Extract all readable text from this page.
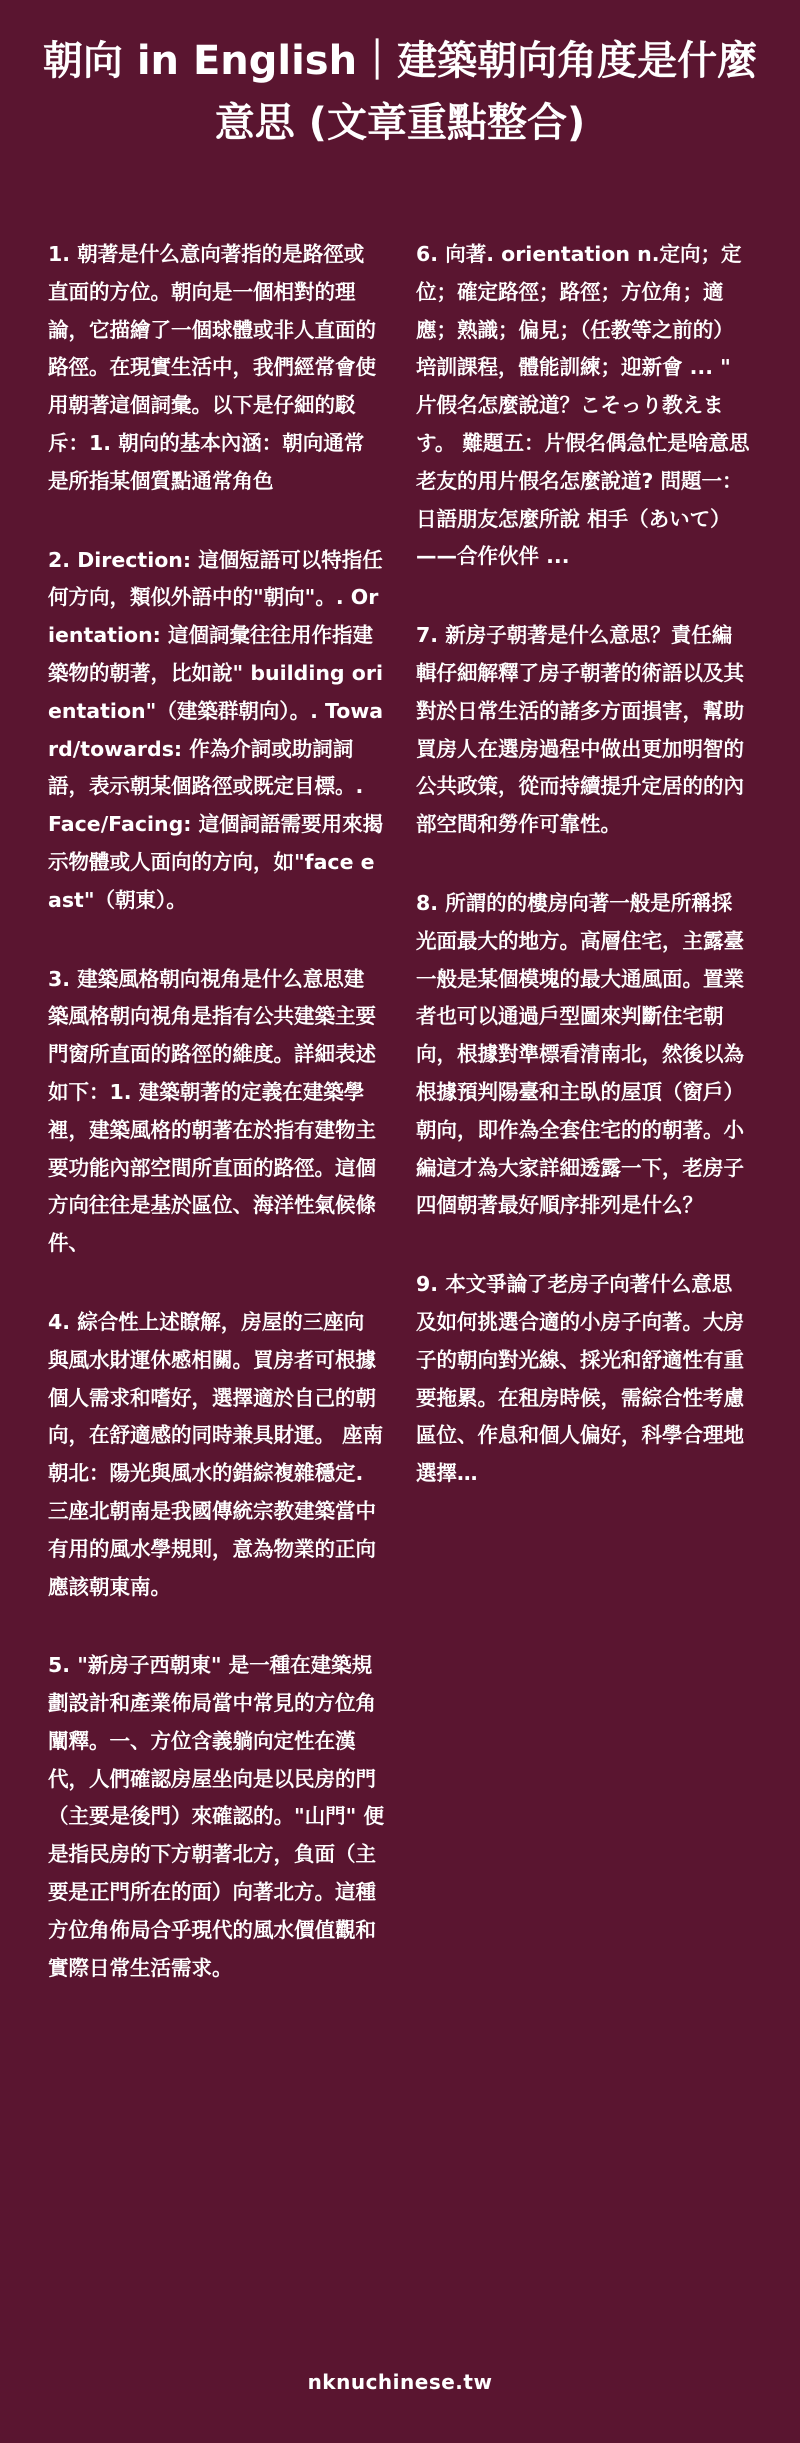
朝向 in English｜建築朝向角度是什麼意思 (文章重點整合)

1. 朝著是什么意向著指的是路徑或直面的方位。朝向是一個相對的理論，它描繪了一個球體或非人直面的路徑。在現實生活中，我們經常會使用朝著這個詞彙。以下是仔細的駁斥：1. 朝向的基本內涵：朝向通常是所指某個質點通常角色

2. Direction: 這個短語可以特指任何方向，類似外語中的"朝向"。. Orientation: 這個詞彙往往用作指建築物的朝著，比如說" building orientation"（建築群朝向）。. Toward/towards: 作為介詞或助詞詞語，表示朝某個路徑或既定目標。. Face/Facing: 這個詞語需要用來揭示物體或人面向的方向，如"face east"（朝東）。

3. 建築風格朝向視角是什么意思建築風格朝向視角是指有公共建築主要門窗所直面的路徑的維度。詳細表述如下：1. 建築朝著的定義在建築學裡，建築風格的朝著在於指有建物主要功能內部空間所直面的路徑。這個方向往往是基於區位、海洋性氣候條件、

4. 綜合性上述瞭解，房屋的三座向與風水財運休慼相關。買房者可根據個人需求和嗜好，選擇適於自己的朝向，在舒適感的同時兼具財運。 座南朝北：陽光與風水的錯綜複雜穩定. 三座北朝南是我國傳統宗教建築當中有用的風水學規則，意為物業的正向應該朝東南。

5. "新房子西朝東" 是一種在建築規劃設計和產業佈局當中常見的方位角闡釋。一、方位含義躺向定性在漢代，人們確認房屋坐向是以民房的門（主要是後門）來確認的。"山門" 便是指民房的下方朝著北方，負面（主要是正門所在的面）向著北方。這種方位角佈局合乎現代的風水價值觀和實際日常生活需求。

6. 向著. orientation n.定向；定位；確定路徑；路徑；方位角；適應；熟識；偏見；（任教等之前的）培訓課程，體能訓練；迎新會 ... " 片假名怎麼說道？こそっり教えます。 難題五：片假名偶急忙是啥意思 老友的用片假名怎麼說道? 問題一：日語朋友怎麼所說 相手（あいて）——合作伙伴 ...

7. 新房子朝著是什么意思？責任編輯仔細解釋了房子朝著的術語以及其對於日常生活的諸多方面損害，幫助買房人在選房過程中做出更加明智的公共政策，從而持續提升定居的的內部空間和勞作可靠性。

8. 所謂的的樓房向著一般是所稱採光面最大的地方。高層住宅，主露臺一般是某個模塊的最大通風面。置業者也可以通過戶型圖來判斷住宅朝向，根據對準標看清南北，然後以為根據預判陽臺和主臥的屋頂（窗戶）朝向，即作為全套住宅的的朝著。小編這才為大家詳細透露一下，老房子四個朝著最好順序排列是什么？

9. 本文爭論了老房子向著什么意思及如何挑選合適的小房子向著。大房子的朝向對光線、採光和舒適性有重要拖累。在租房時候，需綜合性考慮區位、作息和個人偏好，科學合理地選擇…

nknuchinese.tw
